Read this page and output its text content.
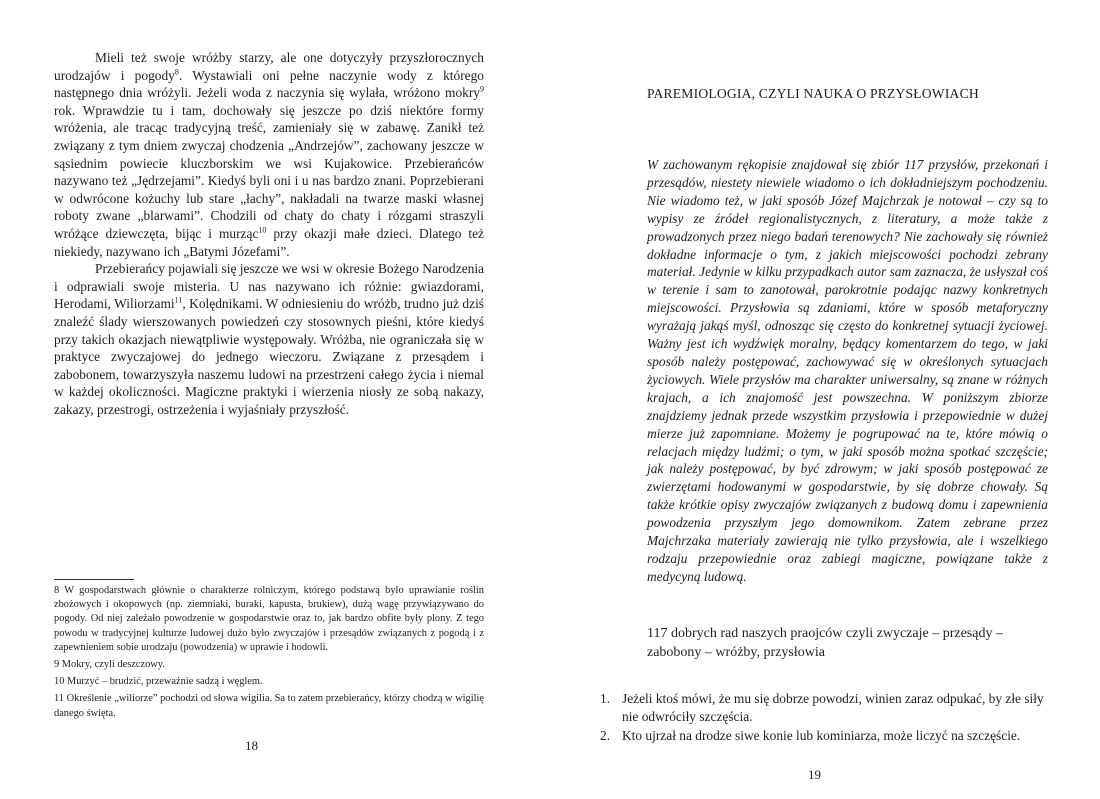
Mieli też swoje wróżby starzy, ale one dotyczyły przyszłorocznych urodzajów i pogody$^8$. Wystawiali oni pełne naczynie wody z którego następnego dnia wróżyli. Jeżeli woda z naczynia się wylała, wróżono mokry$^9$ rok. Wprawdzie tu i tam, dochowały się jeszcze po dziś niektóre formy wróżenia, ale tracąc tradycyjną treść, zamieniały się w zabawę. Zanikł też związany z tym dniem zwyczaj chodzenia „Andrzejów”, zachowany jeszcze w sąsiednim powiecie kluczborskim we wsi Kujakowice. Przebierańców nazywano też „Jędrzejami”. Kiedyś byli oni i u nas bardzo znani. Poprzebierani w odwrócone kożuchy lub stare „łachy”, nakładali na twarze maski własnej roboty zwane „blarwami”. Chodzili od chaty do chaty i rózgami straszyli wróżące dziewczęta, bijąc i murząc$^{10}$ przy okazji małe dzieci. Dlatego też niekiedy, nazywano ich „Batymi Józefami”.

Przebierańcy pojawiali się jeszcze we wsi w okresie Bożego Narodzenia i odprawiali swoje misteria. U nas nazywano ich różnie: gwiazdorami, Herodami, Wiliorzami$^{11}$, Kolędnikami. W odniesieniu do wróżb, trudno już dziś znaleźć ślady wierszowanych powiedzeń czy stosownych pieśni, które kiedyś przy takich okazjach niewątpliwie występowały. Wróżba, nie ograniczała się w praktyce zwyczajowej do jednego wieczoru. Związane z przesądem i zabobonem, towarzyszyła naszemu ludowi na przestrzeni całego życia i niemal w każdej okoliczności. Magiczne praktyki i wierzenia niosły ze sobą nakazy, zakazy, przestrogi, ostrzeżenia i wyjaśniały przyszłość.

8 W gospodarstwach głównie o charakterze rolniczym, którego podstawą było uprawianie roślin zbożowych i okopowych (np. ziemniaki, buraki, kapusta, brukiew), dużą wagę przywiązywano do pogody. Od niej zależało powodzenie w gospodarstwie oraz to, jak bardzo obfite były plony. Z tego powodu w tradycyjnej kulturze ludowej dużo było zwyczajów i przesądów związanych z pogodą i z zapewnieniem sobie urodzaju (powodzenia) w uprawie i hodowli.

9 Mokry, czyli deszczowy.

10 Murzyć – brudzić, przeważnie sadzą i węglem.

11 Określenie „wiliorze” pochodzi od słowa wigilia. Sa to zatem przebierańcy, którzy chodzą w wigilię danego święta.

18
PAREMIOLOGIA, CZYLI NAUKA O PRZYSŁOWIACH

W zachowanym rękopisie znajdował się zbiór 117 przysłów, przekonań i przesądów, niestety niewiele wiadomo o ich dokładniejszym pochodzeniu. Nie wiadomo też, w jaki sposób Józef Majchrzak je notował – czy są to wypisy ze źródeł regionalistycznych, z literatury, a może także z prowadzonych przez niego badań terenowych? Nie zachowały się również dokładne informacje o tym, z jakich miejscowości pochodzi zebrany materiał. Jedynie w kilku przypadkach autor sam zaznacza, że usłyszał coś w terenie i sam to zanotował, parokrotnie podając nazwy konkretnych miejscowości. Przysłowia są zdaniami, które w sposób metaforyczny wyrażają jakąś myśl, odnosząc się często do konkretnej sytuacji życiowej. Ważny jest ich wydźwięk moralny, będący komentarzem do tego, w jaki sposób należy postępować, zachowywać się w określonych sytuacjach życiowych. Wiele przysłów ma charakter uniwersalny, są znane w różnych krajach, a ich znajomość jest powszechna. W poniższym zbiorze znajdziemy jednak przede wszystkim przysłowia i przepowiednie w dużej mierze już zapomniane. Możemy je pogrupować na te, które mówią o relacjach między ludźmi; o tym, w jaki sposób można spotkać szczęście; jak należy postępować, by być zdrowym; w jaki sposób postępować ze zwierzętami hodowanymi w gospodarstwie, by się dobrze chowały. Są także krótkie opisy zwyczajów związanych z budową domu i zapewnienia powodzenia przyszłym jego domownikom. Zatem zebrane przez Majchrzaka materiały zawierają nie tylko przysłowia, ale i wszelkiego rodzaju przepowiednie oraz zabiegi magiczne, powiązane także z medycyną ludową.

117 dobrych rad naszych praojców czyli zwyczaje – przesądy – zabobony – wróżby, przysłowia

1. Jeżeli ktoś mówi, że mu się dobrze powodzi, winien zaraz odpukać, by złe siły nie odwróciły szczęścia.
2. Kto ujrzał na drodze siwe konie lub kominiarza, może liczyć na szczęście.
19
